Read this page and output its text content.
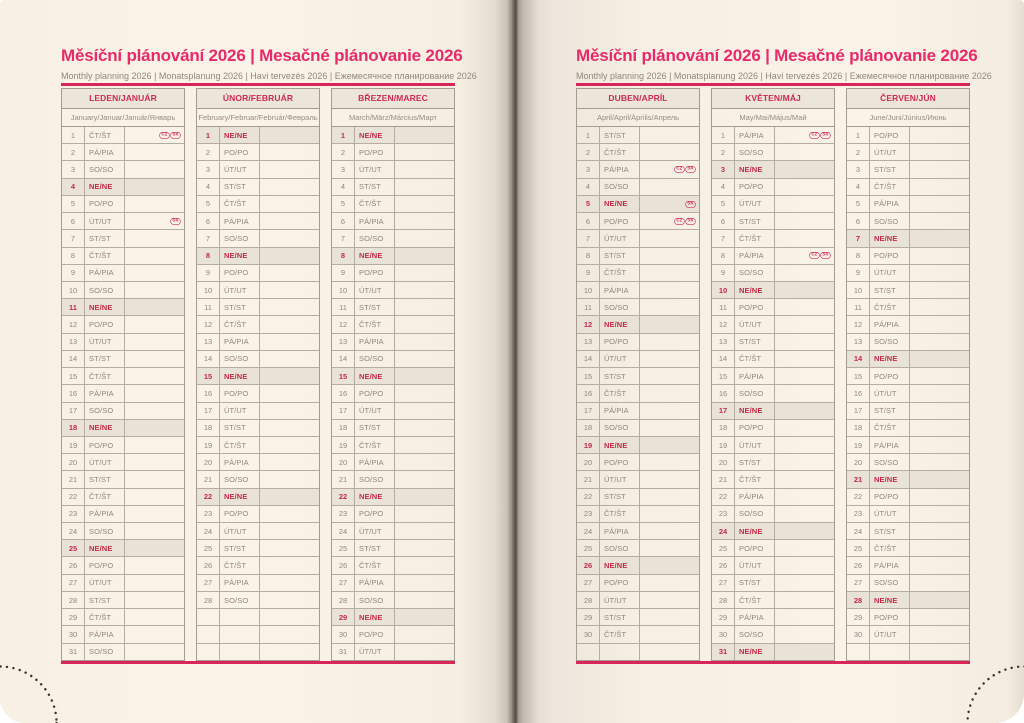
Měsíční plánování 2026 | Mesačné plánovanie 2026

Monthly planning 2026 | Monatsplanung 2026 | Havi tervezés 2026 | Ежемесячное планирование 2026

LEDEN/JANUÁR
January/Januar/Január/Январь
1	ČT/ŠT	CZ SK
2	PÁ/PIA
3	SO/SO
4	NE/NE
5	PO/PO
6	ÚT/UT	SK
7	ST/ST
8	ČT/ŠT
9	PÁ/PIA
10	SO/SO
11	NE/NE
12	PO/PO
13	ÚT/UT
14	ST/ST
15	ČT/ŠT
16	PÁ/PIA
17	SO/SO
18	NE/NE
19	PO/PO
20	ÚT/UT
21	ST/ST
22	ČT/ŠT
23	PÁ/PIA
24	SO/SO
25	NE/NE
26	PO/PO
27	ÚT/UT
28	ST/ST
29	ČT/ŠT
30	PÁ/PIA
31	SO/SO
ÚNOR/FEBRUÁR
February/Februar/Február/Февраль
1	NE/NE
2	PO/PO
3	ÚT/UT
4	ST/ST
5	ČT/ŠT
6	PÁ/PIA
7	SO/SO
8	NE/NE
9	PO/PO
10	ÚT/UT
11	ST/ST
12	ČT/ŠT
13	PÁ/PIA
14	SO/SO
15	NE/NE
16	PO/PO
17	ÚT/UT
18	ST/ST
19	ČT/ŠT
20	PÁ/PIA
21	SO/SO
22	NE/NE
23	PO/PO
24	ÚT/UT
25	ST/ST
26	ČT/ŠT
27	PÁ/PIA
28	SO/SO
BŘEZEN/MAREC
March/März/Március/Март
1	NE/NE
2	PO/PO
3	ÚT/UT
4	ST/ST
5	ČT/ŠT
6	PÁ/PIA
7	SO/SO
8	NE/NE
9	PO/PO
10	ÚT/UT
11	ST/ST
12	ČT/ŠT
13	PÁ/PIA
14	SO/SO
15	NE/NE
16	PO/PO
17	ÚT/UT
18	ST/ST
19	ČT/ŠT
20	PÁ/PIA
21	SO/SO
22	NE/NE
23	PO/PO
24	ÚT/UT
25	ST/ST
26	ČT/ŠT
27	PÁ/PIA
28	SO/SO
29	NE/NE
30	PO/PO
31	ÚT/UT
Měsíční plánování 2026 | Mesačné plánovanie 2026

Monthly planning 2026 | Monatsplanung 2026 | Havi tervezés 2026 | Ежемесячное планирование 2026

DUBEN/APRÍL
April/April/Április/Апрель
1	ST/ST
2	ČT/ŠT
3	PÁ/PIA	CZ SK
4	SO/SO
5	NE/NE	SK
6	PO/PO	CZ SK
7	ÚT/UT
8	ST/ST
9	ČT/ŠT
10	PÁ/PIA
11	SO/SO
12	NE/NE
13	PO/PO
14	ÚT/UT
15	ST/ST
16	ČT/ŠT
17	PÁ/PIA
18	SO/SO
19	NE/NE
20	PO/PO
21	ÚT/UT
22	ST/ST
23	ČT/ŠT
24	PÁ/PIA
25	SO/SO
26	NE/NE
27	PO/PO
28	ÚT/UT
29	ST/ST
30	ČT/ŠT
KVĚTEN/MÁJ
May/Mai/Május/Май
1	PÁ/PIA	CZ SK
2	SO/SO
3	NE/NE
4	PO/PO
5	ÚT/UT
6	ST/ST
7	ČT/ŠT
8	PÁ/PIA	CZ SK
9	SO/SO
10	NE/NE
11	PO/PO
12	ÚT/UT
13	ST/ST
14	ČT/ŠT
15	PÁ/PIA
16	SO/SO
17	NE/NE
18	PO/PO
19	ÚT/UT
20	ST/ST
21	ČT/ŠT
22	PÁ/PIA
23	SO/SO
24	NE/NE
25	PO/PO
26	ÚT/UT
27	ST/ST
28	ČT/ŠT
29	PÁ/PIA
30	SO/SO
31	NE/NE
ČERVEN/JÚN
June/Juni/Június/Июнь
1	PO/PO
2	ÚT/UT
3	ST/ST
4	ČT/ŠT
5	PÁ/PIA
6	SO/SO
7	NE/NE
8	PO/PO
9	ÚT/UT
10	ST/ST
11	ČT/ŠT
12	PÁ/PIA
13	SO/SO
14	NE/NE
15	PO/PO
16	ÚT/UT
17	ST/ST
18	ČT/ŠT
19	PÁ/PIA
20	SO/SO
21	NE/NE
22	PO/PO
23	ÚT/UT
24	ST/ST
25	ČT/ŠT
26	PÁ/PIA
27	SO/SO
28	NE/NE
29	PO/PO
30	ÚT/UT
